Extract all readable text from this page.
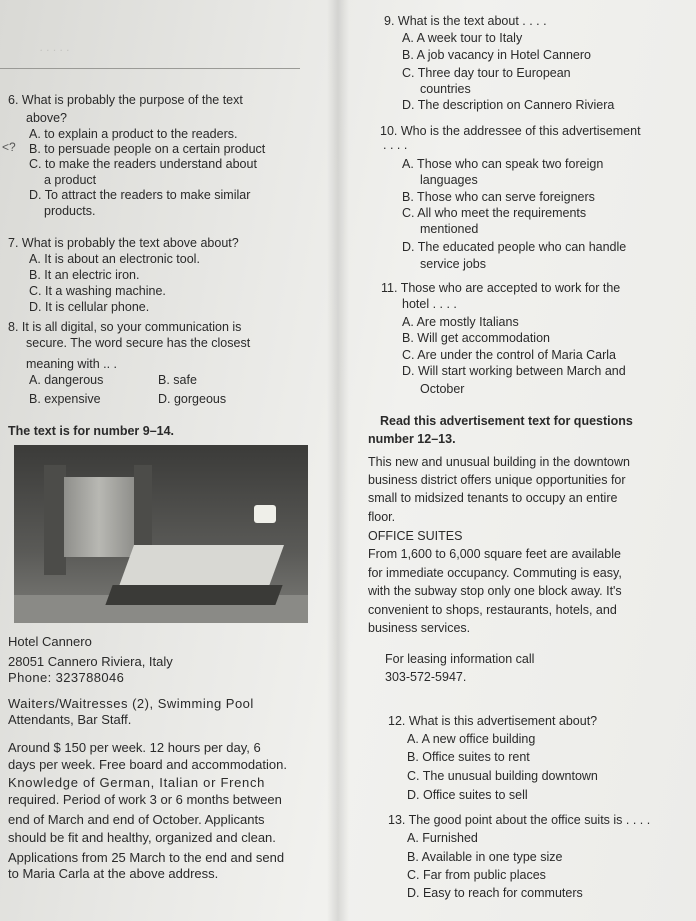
. . . . .
6. What is probably the purpose of the text
above?
A. to explain a product to the readers.
<? B. to persuade people on a certain product
C. to make the readers understand about
a product
D. To attract the readers to make similar
products.
7. What is probably the text above about?
A. It is about an electronic tool.
B. It an electric iron.
C. It a washing machine.
D. It is cellular phone.
8. It is all digital, so your communication is
secure. The word secure has the closest
meaning with .. .
A. dangerous	B. safe
B. expensive	D. gorgeous
The text is for number 9–14.
Hotel Cannero
28051 Cannero Riviera, Italy
Phone: 323788046
Waiters/Waitresses (2), Swimming Pool
Attendants, Bar Staff.
Around $ 150 per week. 12 hours per day, 6
days per week. Free board and accommodation.
Knowledge of German, Italian or French
required. Period of work 3 or 6 months between
end of March and end of October. Applicants
should be fit and healthy, organized and clean.
Applications from 25 March to the end and send
to Maria Carla at the above address.
9. What is the text about . . . .
A. A week tour to Italy
B. A job vacancy in Hotel Cannero
C. Three day tour to European
countries
D. The description on Cannero Riviera
10. Who is the addressee of this advertisement
. . . .
A. Those who can speak two foreign
languages
B. Those who can serve foreigners
C. All who meet the requirements
mentioned
D. The educated people who can handle
service jobs
11. Those who are accepted to work for the
hotel . . . .
A. Are mostly Italians
B. Will get accommodation
C. Are under the control of Maria Carla
D. Will start working between March and
October
Read this advertisement text for questions
number 12–13.
This new and unusual building in the downtown
business district offers unique opportunities for
small to midsized tenants to occupy an entire
floor.
OFFICE SUITES
From 1,600 to 6,000 square feet are available
for immediate occupancy. Commuting is easy,
with the subway stop only one block away. It's
convenient to shops, restaurants, hotels, and
business services.
For leasing information call
303-572-5947.
12. What is this advertisement about?
A. A new office building
B. Office suites to rent
C. The unusual building downtown
D. Office suites to sell
13. The good point about the office suits is . . . .
A. Furnished
B. Available in one type size
C. Far from public places
D. Easy to reach for commuters
